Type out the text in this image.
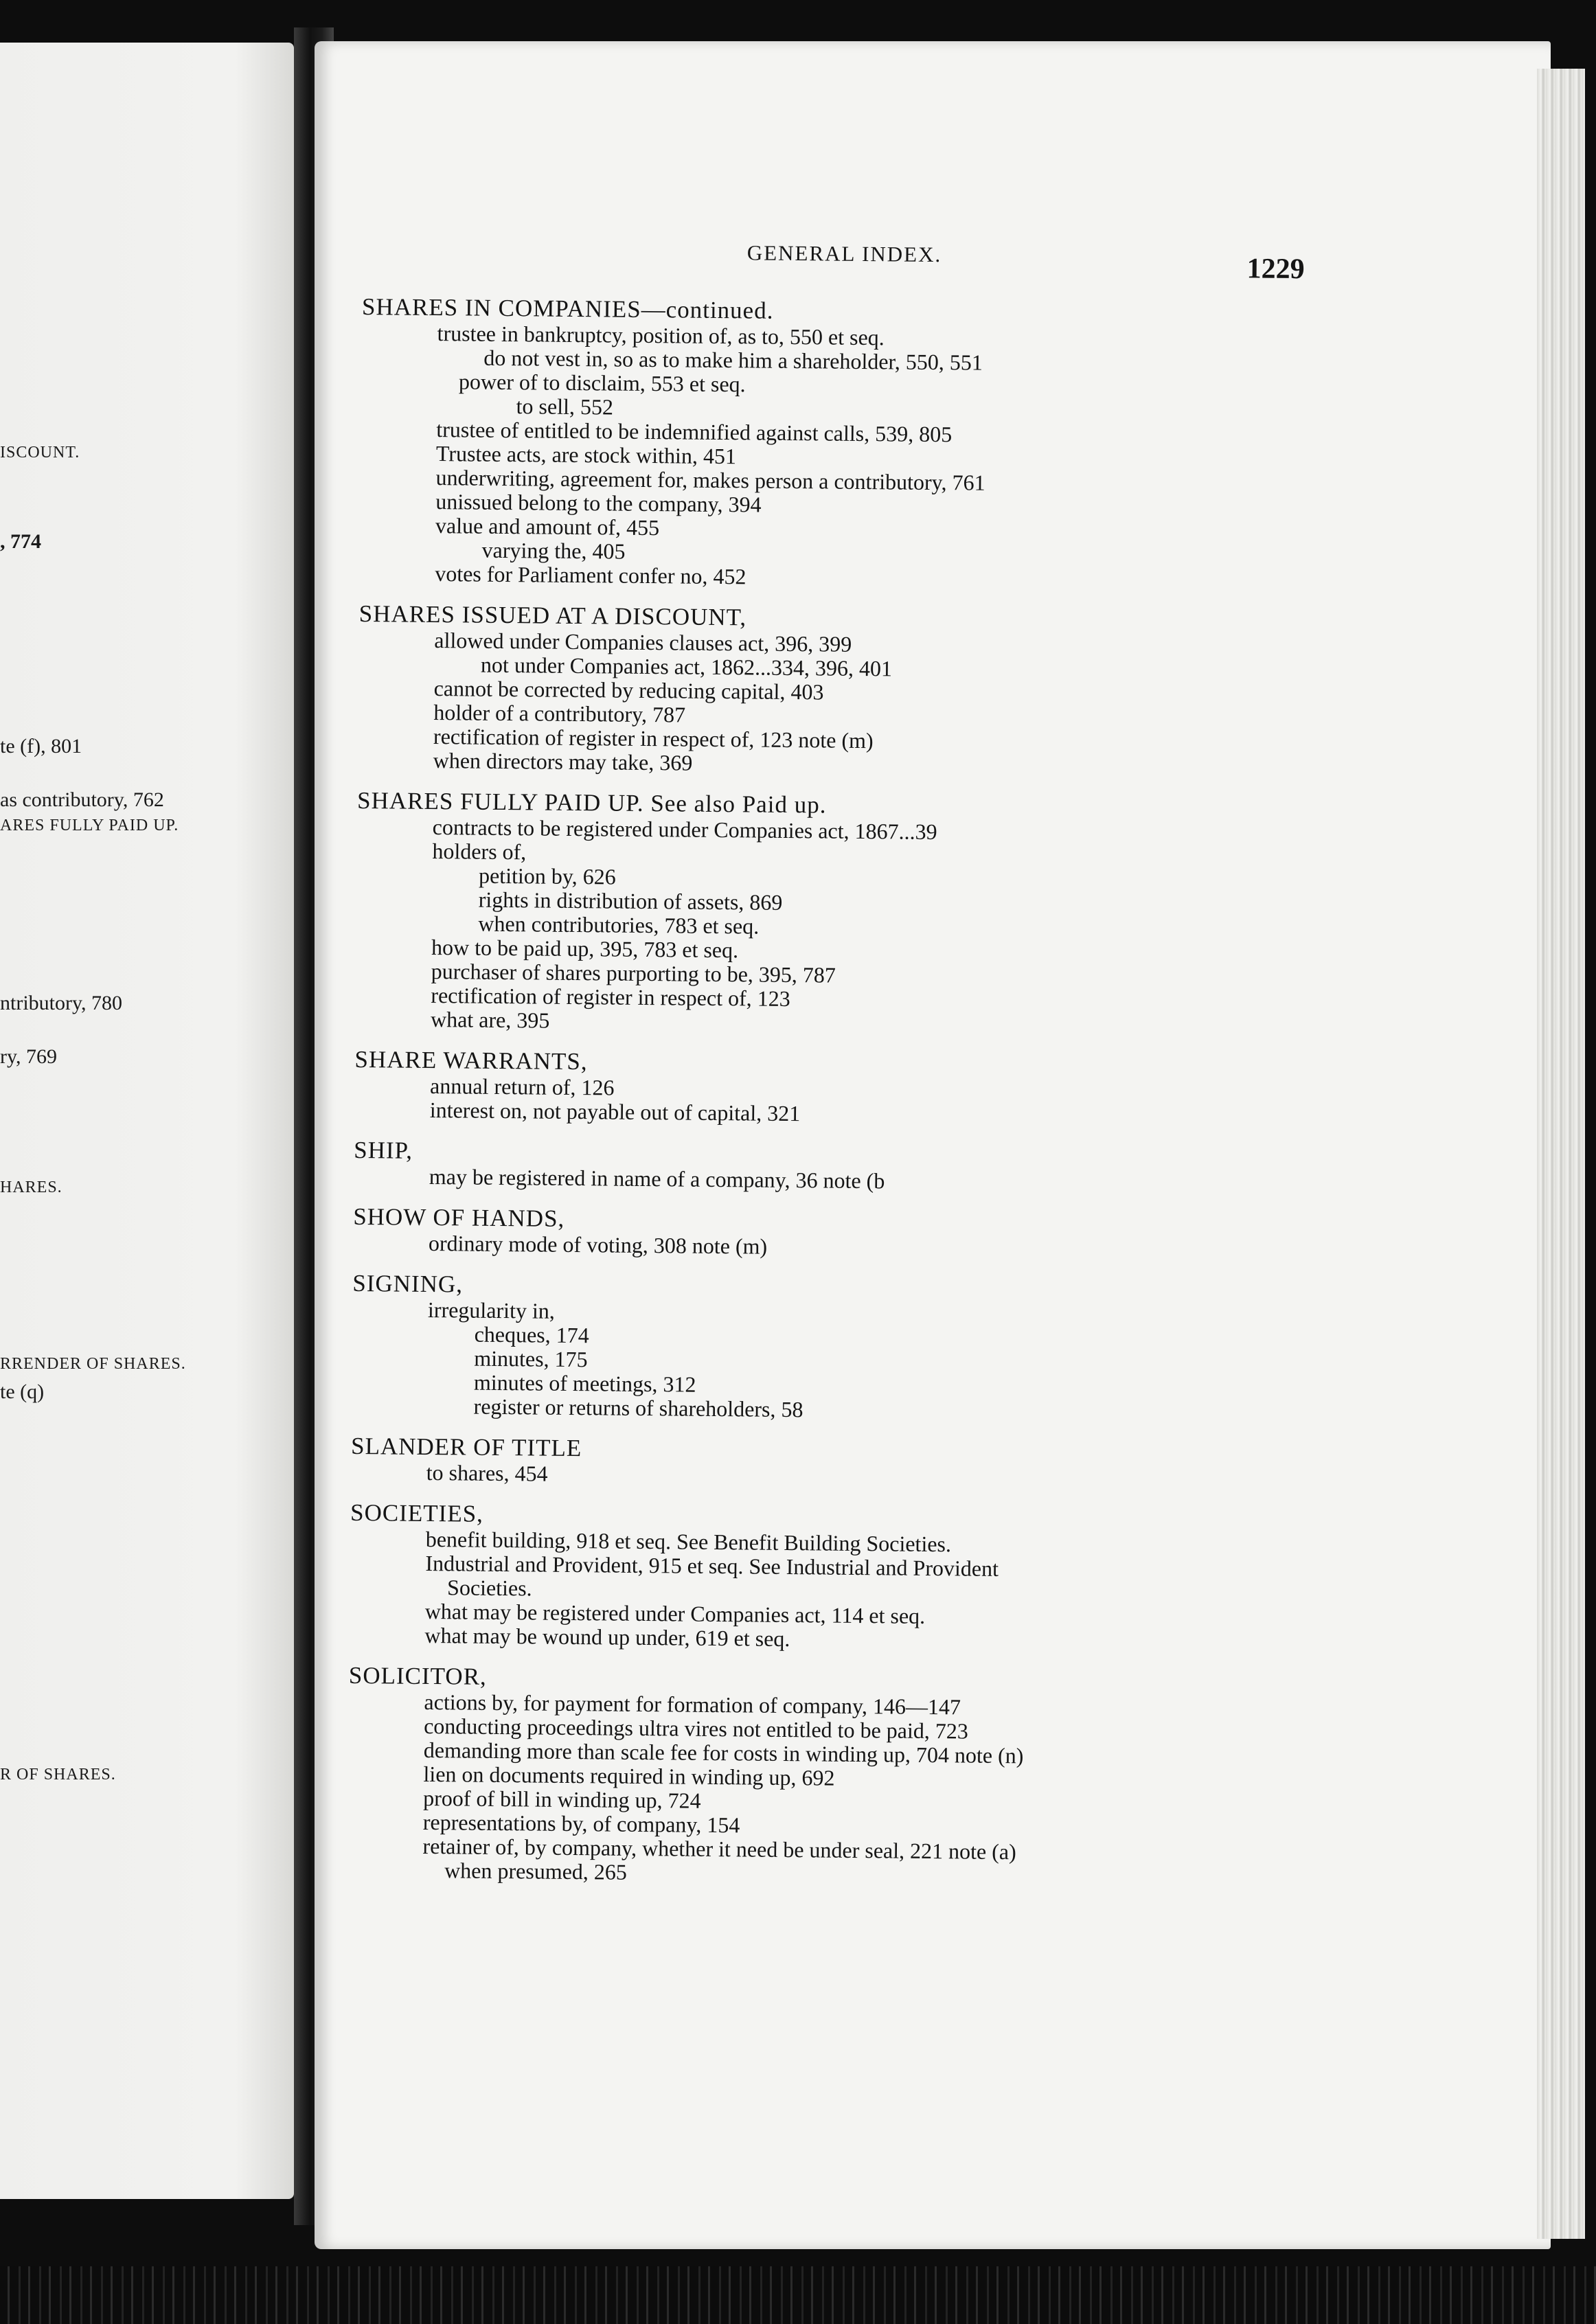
ISCOUNT.
, 774
te (f), 801
as contributory, 762
ARES FULLY PAID UP.
ntributory, 780
ry, 769
HARES.
RRENDER OF SHARES.
te (q)
R OF SHARES.
GENERAL INDEX.	1229
SHARES IN COMPANIES—continued.
trustee in bankruptcy, position of, as to, 550 et seq.
do not vest in, so as to make him a shareholder, 550, 551
power of to disclaim, 553 et seq.
to sell, 552
trustee of entitled to be indemnified against calls, 539, 805
Trustee acts, are stock within, 451
underwriting, agreement for, makes person a contributory, 761
unissued belong to the company, 394
value and amount of, 455
varying the, 405
votes for Parliament confer no, 452
SHARES ISSUED AT A DISCOUNT,
allowed under Companies clauses act, 396, 399
not under Companies act, 1862...334, 396, 401
cannot be corrected by reducing capital, 403
holder of a contributory, 787
rectification of register in respect of, 123 note (m)
when directors may take, 369
SHARES FULLY PAID UP. See also Paid up.
contracts to be registered under Companies act, 1867...39
holders of,
petition by, 626
rights in distribution of assets, 869
when contributories, 783 et seq.
how to be paid up, 395, 783 et seq.
purchaser of shares purporting to be, 395, 787
rectification of register in respect of, 123
what are, 395
SHARE WARRANTS,
annual return of, 126
interest on, not payable out of capital, 321
SHIP,
may be registered in name of a company, 36 note (b
SHOW OF HANDS,
ordinary mode of voting, 308 note (m)
SIGNING,
irregularity in,
cheques, 174
minutes, 175
minutes of meetings, 312
register or returns of shareholders, 58
SLANDER OF TITLE
to shares, 454
SOCIETIES,
benefit building, 918 et seq. See Benefit Building Societies.
Industrial and Provident, 915 et seq. See Industrial and Provident
Societies.
what may be registered under Companies act, 114 et seq.
what may be wound up under, 619 et seq.
SOLICITOR,
actions by, for payment for formation of company, 146—147
conducting proceedings ultra vires not entitled to be paid, 723
demanding more than scale fee for costs in winding up, 704 note (n)
lien on documents required in winding up, 692
proof of bill in winding up, 724
representations by, of company, 154
retainer of, by company, whether it need be under seal, 221 note (a)
when presumed, 265
